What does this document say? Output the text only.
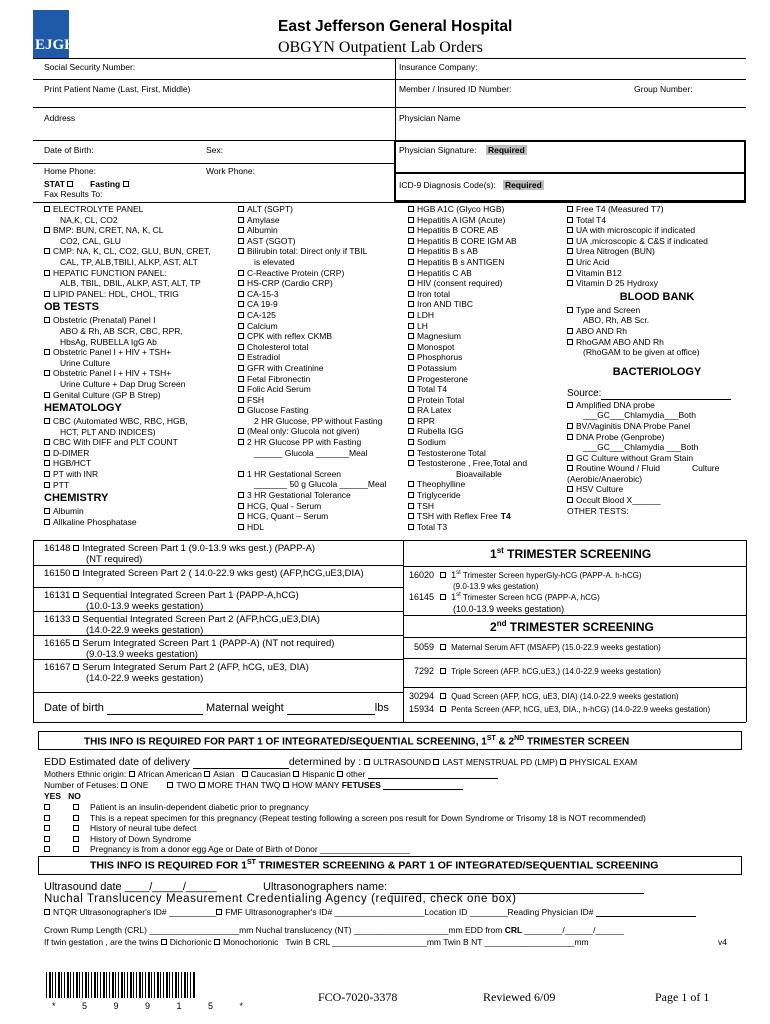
EJGH
East Jefferson General Hospital
OBGYN Outpatient Lab Orders
Social Security Number:	Insurance Company:
Print Patient Name (Last, First, Middle)	Member / Insured ID Number:	Group Number:
Address	Physician Name
Date of Birth:	Sex:	Physician Signature: Required
Home Phone:	Work Phone:
STAT	Fasting
Fax Results To:
ICD-9 Diagnosis Code(s): Required
ELECTROLYTE PANEL
NA,K, CL, CO2
BMP: BUN, CRET, NA, K, CL
CO2, CAL, GLU
CMP: NA, K, CL, CO2, GLU, BUN, CRET,
CAL, TP, ALB,TBILI, ALKP, AST, ALT
HEPATIC FUNCTION PANEL:
ALB, TBIL, DBIL, ALKP, AST, ALT, TP
LIPID PANEL: HDL, CHOL, TRIG
OB TESTS
Obstetric (Prenatal) Panel I
ABO & Rh, AB SCR, CBC, RPR,
HbsAg, RUBELLA IgG Ab
Obstetric Panel I + HIV + TSH+
Urine Culture
Obstetric Panel I + HIV + TSH+
Urine Culture + Dap Drug Screen
Genital Culture (GP B Strep)
HEMATOLOGY
CBC (Automated WBC, RBC, HGB,
HCT, PLT AND INDICES)
CBC With DIFF and PLT COUNT
D-DIMER
HGB/HCT
PT with INR
PTT
CHEMISTRY
Albumin
Allkaline Phosphatase
ALT (SGPT)
Amylase
Albumin
AST (SGOT)
Bilirubin total: Direct only if TBIL
is elevated
C-Reactive Protein (CRP)
HS-CRP (Cardio CRP)
CA-15-3
CA 19-9
CA-125
Calcium
CPK with reflex CKMB
Cholesterol total
Estradiol
GFR with Creatinine
Fetal Fibronectin
Folic Acid Serum
FSH
Glucose Fasting
2 HR Glucose, PP without Fasting
(Meal only: Glucola not given)
2 HR Glucose PP with Fasting
______ Glucola _______Meal
1 HR Gestational Screen
_______ 50 g Glucola ______Meal
3 HR Gestational Tolerance
HCG, Qual - Serum
HCG, Quant – Serum
HDL
HGB A1C (Glyco HGB)
Hepatitis A IGM (Acute)
Hepatitis B CORE AB
Hepatitis B CORE IGM AB
Hepatitis B s AB
Hepatitis B s ANTIGEN
Hepatitis C AB
HIV (consent required)
Iron total
Iron AND TIBC
LDH
LH
Magnesium
Monospot
Phosphorus
Potassium
Progesterone
Total T4
Protein Total
RA Latex
RPR
Rubella IGG
Sodium
Testosterone Total
Testosterone , Free,Total and
Bioavailable
Theophylline
Triglyceride
TSH
TSH with Reflex Free T4
Total T3
Free T4 (Measured T7)
Total T4
UA with microscopic if indicated
UA ,microscopic & C&S if indicated
Urea Nitrogen (BUN)
Uric Acid
Vitamin B12
Vitamin D 25 Hydroxy
BLOOD BANK
Type and Screen
ABO, Rh, AB Scr.
ABO AND Rh
RhoGAM ABO AND Rh
(RhoGAM to be given at office)
BACTERIOLOGY
Source:
Amplified DNA probe
___GC___Chlamydia___Both
BV/Vaginitis DNA Probe Panel
DNA Probe (Genprobe)
___GC___Chlamydia ___Both
GC Culture without Gram Stain
Routine Wound / Fluid	Culture
(Aerobic/Anaerobic)
HSV Culture
Occult Blood X______
OTHER TESTS:
16148 Integrated Screen Part 1 (9.0-13.9 wks gest.) (PAPP-A)
(NT required)
16150 Integrated Screen Part 2 ( 14.0-22.9 wks gest) (AFP,hCG,uE3,DIA)
16131 Sequential Integrated Screen Part 1 (PAPP-A,hCG)
(10.0-13.9 weeks gestation)
16133 Sequential Integrated Screen Part 2 (AFP,hCG,uE3,DIA)
(14.0-22.9 weeks gestation)
16165 Serum Integrated Screen Part 1 (PAPP-A) (NT not required)
(9.0-13.9 weeks gestation)
16167 Serum Integrated Serum Part 2 (AFP, hCG, uE3, DIA)
(14.0-22.9 weeks gestation)
Date of birth	Maternal weight	lbs
1st TRIMESTER SCREENING
16020 1st Trimester Screen hyperGly-hCG (PAPP-A. h-hCG)
(9.0-13.9 wks gestation)
16145 1st Trimester Screen hCG (PAPP-A, hCG)
(10.0-13.9 weeks gestation)
2nd TRIMESTER SCREENING
5059 Maternal Serum AFT (MSAFP) (15.0-22.9 weeks gestation)
7292 Triple Screen (AFP. hCG,uE3,) (14.0-22.9 weeks gestation)
30294 Quad Screen (AFP, hCG, uE3, DIA) (14.0-22.9 weeks gestation)
15934 Penta Screen (AFP, hCG, uE3, DIA., h-hCG) (14.0-22.9 weeks gestation)
THIS INFO IS REQUIRED FOR PART 1 OF INTEGRATED/SEQUENTIAL SCREENING, 1ST & 2ND TRIMESTER SCREEN
EDD Estimated date of delivery	determined by : ULTRASOUND LAST MENSTRUAL PD (LMP) PHYSICAL EXAM
Mothers Ethnic origin: African American Asian Caucasian Hispanic other
Number of Fetuses: ONE	TWO MORE THAN TWQ HOW MANY FETUSES
YES NO
Patient is an insulin-dependent diabetic prior to pregnancy
This is a repeat specimen for this pregnancy (Repeat testing following a screen pos result for Down Syndrome or Trisomy 18 is NOT recommended)
History of neural tube defect
History of Down Syndrome
Pregnancy is from a donor egg Age or Date of Birth of Donor ___________________
THIS INFO IS REQUIRED FOR 1ST TRIMESTER SCREENING & PART 1 OF INTEGRATED/SEQUENTIAL SCREENING
Ultrasound date ____/_____/_____	Ultrasonographers name:
Nuchal Translucency Measurement Credentialing Agency (required, check one box)
NTQR Ultrasonographer's ID# __________ FMF Ultrasonographer's ID# ___________________Location ID ________Reading Physician ID#
Crown Rump Length (CRL) ___________________mm Nuchal translucency (NT) ____________________mm EDD from CRL ________/______/______
If twin gestation , are the twins Dichorionic Monochorionic Twin B CRL ____________________mm Twin B NT ___________________mm	v4
* 5 9 9 1 5 *
FCO-7020-3378	Reviewed 6/09	Page 1 of 1
